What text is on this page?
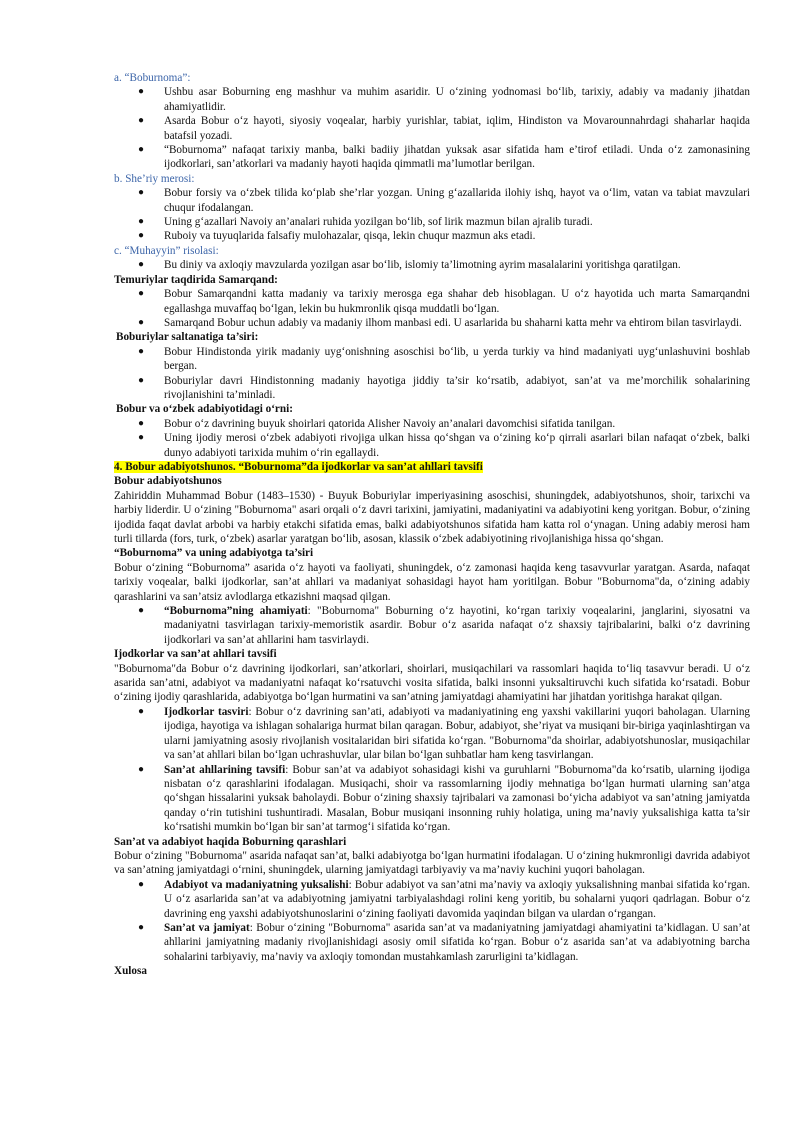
a. “Boburnoma”:

● Ushbu asar Boburning eng mashhur va muhim asaridir. U o‘zining yodnomasi bo‘lib, tarixiy, adabiy va madaniy jihatdan ahamiyatlidir.
● Asarda Bobur o‘z hayoti, siyosiy voqealar, harbiy yurishlar, tabiat, iqlim, Hindiston va Movarounnahrdagi shaharlar haqida batafsil yozadi.
● “Boburnoma” nafaqat tarixiy manba, balki badiiy jihatdan yuksak asar sifatida ham e’tirof etiladi. Unda o‘z zamonasining ijodkorlari, san’atkorlari va madaniy hayoti haqida qimmatli ma’lumotlar berilgan.

b. She’riy merosi:

● Bobur forsiy va o‘zbek tilida ko‘plab she’rlar yozgan. Uning g‘azallarida ilohiy ishq, hayot va o‘lim, vatan va tabiat mavzulari chuqur ifodalangan.
● Uning g‘azallari Navoiy an’analari ruhida yozilgan bo‘lib, sof lirik mazmun bilan ajralib turadi.
● Ruboiy va tuyuqlarida falsafiy mulohazalar, qisqa, lekin chuqur mazmun aks etadi.

c. “Muhayyin” risolasi:

● Bu diniy va axloqiy mavzularda yozilgan asar bo‘lib, islomiy ta’limotning ayrim masalalarini yoritishga qaratilgan.

Temuriylar taqdirida Samarqand:

● Bobur Samarqandni katta madaniy va tarixiy merosga ega shahar deb hisoblagan. U o‘z hayotida uch marta Samarqandni egallashga muvaffaq bo‘lgan, lekin bu hukmronlik qisqa muddatli bo‘lgan.
● Samarqand Bobur uchun adabiy va madaniy ilhom manbasi edi. U asarlarida bu shaharni katta mehr va ehtirom bilan tasvirlaydi.

Boburiylar saltanatiga ta’siri:

● Bobur Hindistonda yirik madaniy uyg‘onishning asoschisi bo‘lib, u yerda turkiy va hind madaniyati uyg‘unlashuvini boshlab bergan.
● Boburiylar davri Hindistonning madaniy hayotiga jiddiy ta’sir ko‘rsatib, adabiyot, san’at va me’morchilik sohalarining rivojlanishini ta’minladi.

Bobur va o‘zbek adabiyotidagi o‘rni:

● Bobur o‘z davrining buyuk shoirlari qatorida Alisher Navoiy an’analari davomchisi sifatida tanilgan.
● Uning ijodiy merosi o‘zbek adabiyoti rivojiga ulkan hissa qo‘shgan va o‘zining ko‘p qirrali asarlari bilan nafaqat o‘zbek, balki dunyo adabiyoti tarixida muhim o‘rin egallaydi.

4. Bobur adabiyotshunos. “Boburnoma”da ijodkorlar va san’at ahllari tavsifi

Bobur adabiyotshunos

Zahiriddin Muhammad Bobur (1483–1530) - Buyuk Boburiylar imperiyasining asoschisi, shuningdek, adabiyotshunos, shoir, tarixchi va harbiy liderdir. U o‘zining "Boburnoma" asari orqali o‘z davri tarixini, jamiyatini, madaniyatini va adabiyotini keng yoritgan. Bobur, o‘zining ijodida faqat davlat arbobi va harbiy etakchi sifatida emas, balki adabiyotshunos sifatida ham katta rol o‘ynagan. Uning adabiy merosi ham turli tillarda (fors, turk, o‘zbek) asarlar yaratgan bo‘lib, asosan, klassik o‘zbek adabiyotining rivojlanishiga hissa qo‘shgan.

“Boburnoma” va uning adabiyotga ta’siri

Bobur o‘zining “Boburnoma” asarida o‘z hayoti va faoliyati, shuningdek, o‘z zamonasi haqida keng tasavvurlar yaratgan. Asarda, nafaqat tarixiy voqealar, balki ijodkorlar, san’at ahllari va madaniyat sohasidagi hayot ham yoritilgan. Bobur "Boburnoma"da, o‘zining adabiy qarashlarini va san’atsiz avlodlarga etkazishni maqsad qilgan.

● “Boburnoma”ning ahamiyati: "Boburnoma" Boburning o‘z hayotini, ko‘rgan tarixiy voqealarini, janglarini, siyosatni va madaniyatni tasvirlagan tarixiy-memoristik asardir. Bobur o‘z asarida nafaqat o‘z shaxsiy tajribalarini, balki o‘z davrining ijodkorlari va san’at ahllarini ham tasvirlaydi.

Ijodkorlar va san’at ahllari tavsifi

"Boburnoma"da Bobur o‘z davrining ijodkorlari, san’atkorlari, shoirlari, musiqachilari va rassomlari haqida to‘liq tasavvur beradi. U o‘z asarida san’atni, adabiyot va madaniyatni nafaqat ko‘rsatuvchi vosita sifatida, balki insonni yuksaltiruvchi kuch sifatida ko‘rsatadi. Bobur o‘zining ijodiy qarashlarida, adabiyotga bo‘lgan hurmatini va san’atning jamiyatdagi ahamiyatini har jihatdan yoritishga harakat qilgan.

● Ijodkorlar tasviri: Bobur o‘z davrining san’ati, adabiyoti va madaniyatining eng yaxshi vakillarini yuqori baholagan. Ularning ijodiga, hayotiga va ishlagan sohalariga hurmat bilan qaragan. Bobur, adabiyot, she’riyat va musiqani bir-biriga yaqinlashtirgan va ularni jamiyatning asosiy rivojlanish vositalaridan biri sifatida ko‘rgan. "Boburnoma"da shoirlar, adabiyotshunoslar, musiqachilar va san’at ahllari bilan bo‘lgan uchrashuvlar, ular bilan bo‘lgan suhbatlar ham keng tasvirlangan.
● San’at ahllarining tavsifi: Bobur san’at va adabiyot sohasidagi kishi va guruhlarni "Boburnoma"da ko‘rsatib, ularning ijodiga nisbatan o‘z qarashlarini ifodalagan. Musiqachi, shoir va rassomlarning ijodiy mehnatiga bo‘lgan hurmati ularning san’atga qo‘shgan hissalarini yuksak baholaydi. Bobur o‘zining shaxsiy tajribalari va zamonasi bo‘yicha adabiyot va san’atning jamiyatda qanday o‘rin tutishini tushuntiradi. Masalan, Bobur musiqani insonning ruhiy holatiga, uning ma’naviy yuksalishiga katta ta’sir ko‘rsatishi mumkin bo‘lgan bir san’at tarmog‘i sifatida ko‘rgan.

San’at va adabiyot haqida Boburning qarashlari

Bobur o‘zining "Boburnoma" asarida nafaqat san’at, balki adabiyotga bo‘lgan hurmatini ifodalagan. U o‘zining hukmronligi davrida adabiyot va san’atning jamiyatdagi o‘rnini, shuningdek, ularning jamiyatdagi tarbiyaviy va ma’naviy kuchini yuqori baholagan.

● Adabiyot va madaniyatning yuksalishi: Bobur adabiyot va san’atni ma’naviy va axloqiy yuksalishning manbai sifatida ko‘rgan. U o‘z asarlarida san’at va adabiyotning jamiyatni tarbiyalashdagi rolini keng yoritib, bu sohalarni yuqori qadrlagan. Bobur o‘z davrining eng yaxshi adabiyotshunoslarini o‘zining faoliyati davomida yaqindan bilgan va ulardan o‘rgangan.
● San’at va jamiyat: Bobur o‘zining "Boburnoma" asarida san’at va madaniyatning jamiyatdagi ahamiyatini ta’kidlagan. U san’at ahllarini jamiyatning madaniy rivojlanishidagi asosiy omil sifatida ko‘rgan. Bobur o‘z asarida san’at va adabiyotning barcha sohalarini tarbiyaviy, ma’naviy va axloqiy tomondan mustahkamlash zarurligini ta’kidlagan.

Xulosa
